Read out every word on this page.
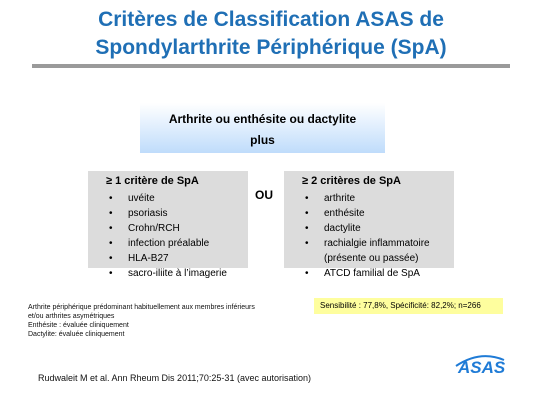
Critères de Classification ASAS de
Spondylarthrite Périphérique (SpA)
Arthrite ou enthésite ou dactylite
plus
≥ 1 critère de SpA
• uvéite
• psoriasis
• Crohn/RCH
• infection préalable
• HLA-B27
• sacro-iliite à l’imagerie
OU
≥ 2 critères de SpA
• arthrite
• enthésite
• dactylite
• rachialgie inflammatoire (présente ou passée)
• ATCD familial de SpA
Arthrite périphérique prédominant habituellement aux membres inférieurs
et/ou arthrites asymétriques
Enthésite : évaluée cliniquement
Dactylite: évaluée cliniquement
Sensibilité : 77,8%, Spécificité: 82,2%; n=266
Rudwaleit M et al. Ann Rheum Dis 2011;70:25-31 (avec autorisation)
ASAS
